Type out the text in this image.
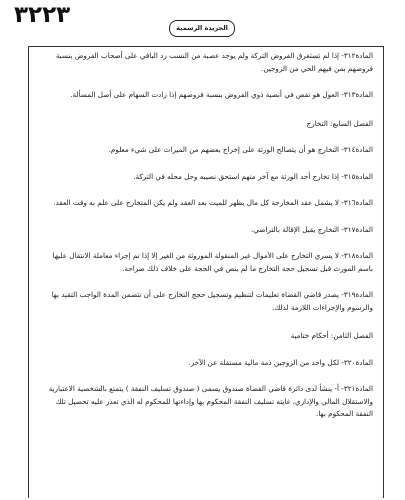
٣٢٢٣	الجريدة الرسمية

المادة٣١٢- إذا لم تستغرق الفروض التركة ولم يوجد عصبة من النسب رد الباقي على أصحاب الفروض بنسبة فروضهم بمن فيهم الحي من الزوجين.

المادة٣١٣- العول هو نقص في أنصبة ذوي الفروض بنسبة فروضهم إذا زادت السهام على أصل المسألة.

الفصل السابع: التخارج

المادة٣١٤- التخارج هو أن يتصالح الورثة على إخراج بعضهم من الميراث على شيء معلوم.

المادة٣١٥- إذا تخارج أحد الورثة مع آخر منهم استحق نصيبه وحل محله في التركة.

المادة٣١٦- لا يشمل عقد المخارجة كل مال يظهر للميت بعد العقد ولم يكن المتخارج على علم به وقت العقد.

المادة٣١٧- التخارج يقبل الإقالة بالتراضي.

المادة٣١٨- لا يسري التخارج على الأموال غير المنقولة الموروثة من الغير إلا إذا تم إجراء معاملة الانتقال عليها باسم المورث قبل تسجيل حجة التخارج ما لم ينص في الحجة على خلاف ذلك صراحة.

المادة٣١٩- يصدر قاضي القضاة تعليمات لتنظيم وتسجيل حجج التخارج على أن تتضمن المدة الواجب التقيد بها والرسوم والإجراءات اللازمة لذلك.

الفصل الثامن: أحكام ختامية

المادة٣٢٠- لكل واحد من الزوجين ذمة مالية مستقلة عن الآخر.

المادة٣٢١- أ- ينشأ لدى دائرة قاضي القضاة صندوق يسمى ( صندوق تسليف النفقة ) يتمتع بالشخصية الاعتبارية والاستقلال المالي والإداري، غايته تسليف النفقة المحكوم بها وإداءتها للمحكوم له الذي تعذر عليه تحصيل تلك النفقة المحكوم بها.
